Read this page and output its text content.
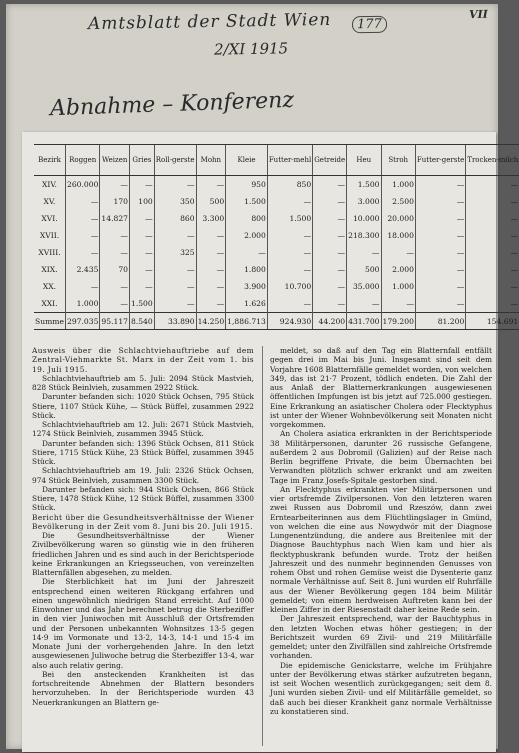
Amtsblatt der Stadt Wien	177
VII
2/XI 1915
Abnahme – Konferenz
Bezirk	Roggen	Weizen	Gries	Roll-gerste	Mohn	Kleie	Futter-mehl	Getreide	Heu	Stroh	Futter-gerste	Trocken-milch
XIV.	260.000	—	—	—	—	950	850	—	1.500	1.000	—	—
XV.	—	170	100	350	500	1.500	—	—	3.000	2.500	—	—
XVI.	—	14.827	—	860	3.300	800	1.500	—	10.000	20.000	—	—
XVII.	—	—	—	—	—	2.000	—	—	218.300	18.000	—	—
XVIII.	—	—	—	325	—	—	—	—	—	—	—	—
XIX.	2.435	70	—	—	—	1.800	—	—	500	2.000	—	—
XX.	—	—	—	—	—	3.900	10.700	—	35.000	1.000	—	—
XXI.	1.000	—	1.500	—	—	1.626	—	—	—	—	—	—
Summe	297.035	95.117	8.540	33.890	14.250	1,886.713	924.930	44.200	431.700	179.200	81.200	154.691

Ausweis über die Schlachtviehauftriebe auf dem Zentral-Viehmarkte St. Marx in der Zeit vom 1. bis 19. Juli 1915.

Schlachtviehauftrieb am 5. Juli: 2094 Stück Mastvieh, 828 Stück Beinlvieh, zusammen 2922 Stück.

Darunter befanden sich: 1020 Stück Ochsen, 795 Stück Stiere, 1107 Stück Kühe, — Stück Büffel, zusammen 2922 Stück.

Schlachtviehauftrieb am 12. Juli: 2671 Stück Mastvieh, 1274 Stück Beinlvieh, zusammen 3945 Stück.

Darunter befanden sich: 1396 Stück Ochsen, 811 Stück Stiere, 1715 Stück Kühe, 23 Stück Büffel, zusammen 3945 Stück.

Schlachtviehauftrieb am 19. Juli: 2326 Stück Ochsen, 974 Stück Beinlvieh, zusammen 3300 Stück.

Darunter befanden sich: 944 Stück Ochsen, 866 Stück Stiere, 1478 Stück Kühe, 12 Stück Büffel, zusammen 3300 Stück.

Bericht über die Gesundheitsverhältnisse der Wiener Bevölkerung in der Zeit vom 8. Juni bis 20. Juli 1915.

Die Gesundheitsverhältnisse der Wiener Zivilbevölkerung waren so günstig wie in den früheren friedlichen Jahren und es sind auch in der Berichtsperiode keine Erkrankungen an Kriegsseuchen, von vereinzelten Blatternfällen abgesehen, zu melden.

Die Sterblichkeit hat im Juni der Jahreszeit entsprechend einen weiteren Rückgang erfahren und einen ungewöhnlich niedrigen Stand erreicht. Auf 1000 Einwohner und das Jahr berechnet betrug die Sterbeziffer in den vier Juniwochen mit Ausschluß der Ortsfremden und der Personen unbekannten Wohnsitzes 13·5 gegen 14·9 im Vormonate und 13·2, 14·3, 14·1 und 15·4 im Monate Juni der vorhergehenden Jahre. In den letzt ausgewiesenen Juliwoche betrug die Sterbeziffer 13·4, war also auch relativ gering.

Bei den ansteckenden Krankheiten ist das fortschreitende Abnehmen der Blattern besonders hervorzuheben. In der Berichtsperiode wurden 43 Neuerkrankungen an Blattern ge-

meldet, so daß auf den Tag ein Blatternfall entfällt gegen drei im Mai bis Juni. Insgesamt sind seit dem Vorjahre 1608 Blatternfälle gemeldet worden, von welchen 349, das ist 21·7 Prozent, tödlich endeten. Die Zahl der aus Anlaß der Blatternerkrankungen ausgewiesenen öffentlichen Impfungen ist bis jetzt auf 725.000 gestiegen. Eine Erkrankung an asiatischer Cholera oder Flecktyphus ist unter der Wiener Wohnbevölkerung seit Monaten nicht vorgekommen.

An Cholera asiatica erkrankten in der Berichtsperiode 38 Militärpersonen, darunter 26 russische Gefangene, außerdem 2 aus Dobromil (Galizien) auf der Reise nach Berlin begriffene Private, die beim Übernachten bei Verwandten plötzlich schwer erkrankt und am zweiten Tage im Franz Josefs-Spitale gestorben sind.

An Flecktyphus erkrankten vier Militärpersonen und vier ortsfremde Zivilpersonen. Von den letzteren waren zwei Russen aus Dobromil und Rzeszów, dann zwei Erntearbeiterinnen aus dem Flüchtlingslager in Gmünd, von welchen die eine aus Nowydwór mit der Diagnose Lungenentzündung, die andere aus Breitenlee mit der Diagnose Bauchtyphus nach Wien kam und hier als flecktyphuskrank befunden wurde. Trotz der heißen Jahreszeit und des nunmehr beginnenden Genusses von rohem Obst und rohen Gemüse weist die Dysenterie ganz normale Verhältnisse auf. Seit 8. Juni wurden elf Ruhrfälle aus der Wiener Bevölkerung gegen 184 beim Militär gemeldet; von einem herdweisen Auftreten kann bei der kleinen Ziffer in der Riesenstadt daher keine Rede sein.

Der Jahreszeit entsprechend, war der Bauchtyphus in den letzten Wochen etwas höher gestiegen; in der Berichtszeit wurden 69 Zivil- und 219 Militärfälle gemeldet; unter den Zivilfällen sind zahlreiche Ortsfremde vorhanden.

Die epidemische Genickstarre, welche im Frühjahre unter der Bevölkerung etwas stärker aufzutreten begann, ist seit Wochen wesentlich zurückgegangen; seit dem 8. Juni wurden sieben Zivil- und elf Militärfälle gemeldet, so daß auch bei dieser Krankheit ganz normale Verhältnisse zu konstatieren sind.
